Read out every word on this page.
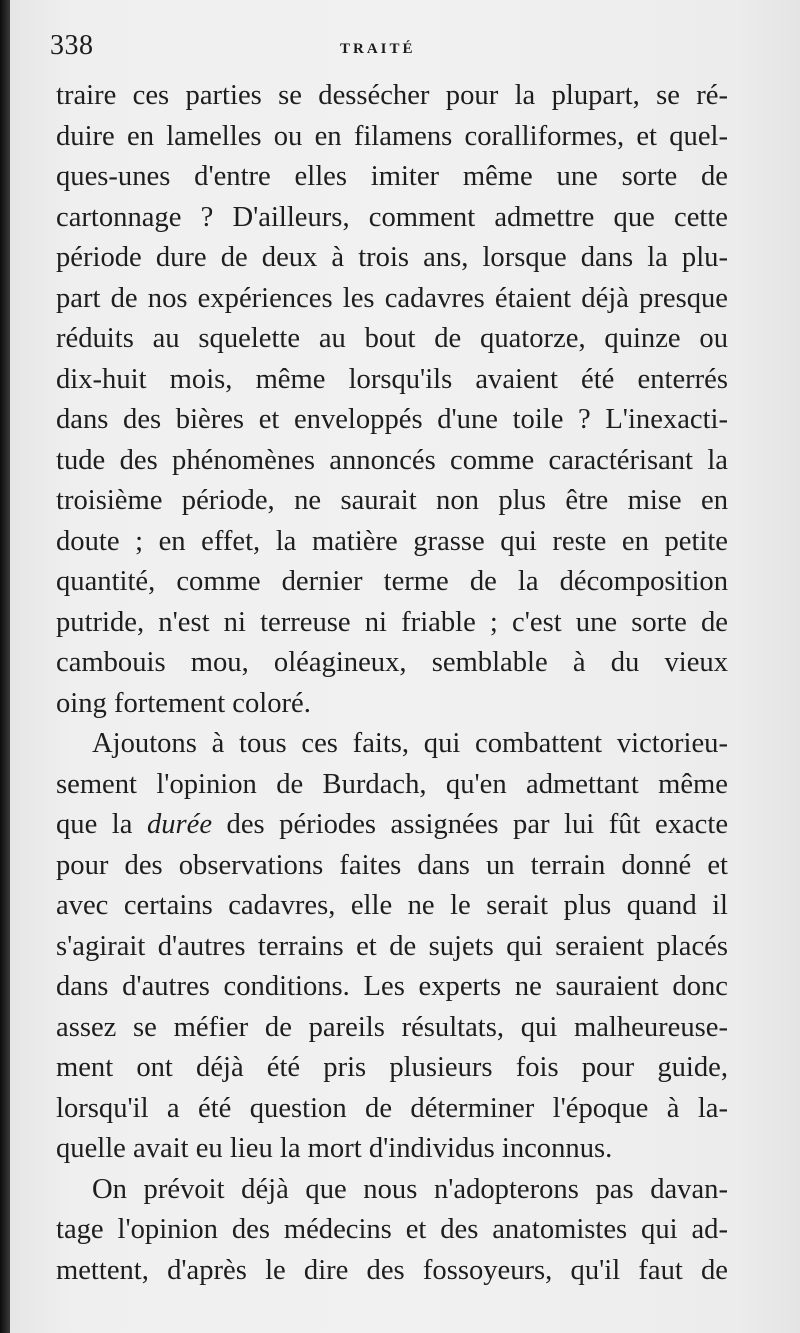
338	TRAITÉ
traire ces parties se dessécher pour la plupart, se ré-
duire en lamelles ou en filamens coralliformes, et quel-
ques-unes d'entre elles imiter même une sorte de
cartonnage ? D'ailleurs, comment admettre que cette
période dure de deux à trois ans, lorsque dans la plu-
part de nos expériences les cadavres étaient déjà presque
réduits au squelette au bout de quatorze, quinze ou
dix-huit mois, même lorsqu'ils avaient été enterrés
dans des bières et enveloppés d'une toile ? L'inexacti-
tude des phénomènes annoncés comme caractérisant la
troisième période, ne saurait non plus être mise en
doute ; en effet, la matière grasse qui reste en petite
quantité, comme dernier terme de la décomposition
putride, n'est ni terreuse ni friable ; c'est une sorte de
cambouis mou, oléagineux, semblable à du vieux
oing fortement coloré.
Ajoutons à tous ces faits, qui combattent victorieu-
sement l'opinion de Burdach, qu'en admettant même
que la durée des périodes assignées par lui fût exacte
pour des observations faites dans un terrain donné et
avec certains cadavres, elle ne le serait plus quand il
s'agirait d'autres terrains et de sujets qui seraient placés
dans d'autres conditions. Les experts ne sauraient donc
assez se méfier de pareils résultats, qui malheureuse-
ment ont déjà été pris plusieurs fois pour guide,
lorsqu'il a été question de déterminer l'époque à la-
quelle avait eu lieu la mort d'individus inconnus.
On prévoit déjà que nous n'adopterons pas davan-
tage l'opinion des médecins et des anatomistes qui ad-
mettent, d'après le dire des fossoyeurs, qu'il faut de
